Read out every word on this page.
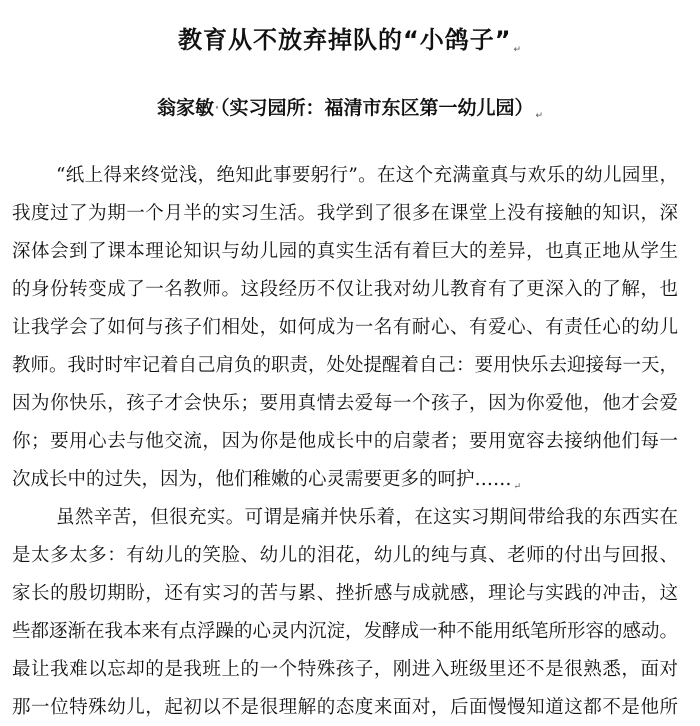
教育从不放弃掉队的“小鸽子” ↵
翁家敏·（实习园所：福清市东区第一幼儿园） $_↵$
“纸上得来终觉浅，绝知此事要躬行”。在这个充满童真与欢乐的幼儿园里，
我度过了为期一个月半的实习生活。我学到了很多在课堂上没有接触的知识，深
深体会到了课本理论知识与幼儿园的真实生活有着巨大的差异，也真正地从学生
的身份转变成了一名教师。这段经历不仅让我对幼儿教育有了更深入的了解，也
让我学会了如何与孩子们相处，如何成为一名有耐心、有爱心、有责任心的幼儿
教师。我时时牢记着自己肩负的职责，处处提醒着自己：要用快乐去迎接每一天，
因为你快乐，孩子才会快乐；要用真情去爱每一个孩子，因为你爱他，他才会爱
你；要用心去与他交流，因为你是他成长中的启蒙者；要用宽容去接纳他们每一
次成长中的过失，因为，他们稚嫩的心灵需要更多的呵护…… $_↵$
虽然辛苦，但很充实。可谓是痛并快乐着，在这实习期间带给我的东西实在
是太多太多：有幼儿的笑脸、幼儿的泪花，幼儿的纯与真、老师的付出与回报、
家长的殷切期盼，还有实习的苦与累、挫折感与成就感，理论与实践的冲击，这
些都逐渐在我本来有点浮躁的心灵内沉淀，发酵成一种不能用纸笔所形容的感动。
最让我难以忘却的是我班上的一个特殊孩子，刚进入班级里还不是很熟悉，面对
那一位特殊幼儿，起初以不是很理解的态度来面对，后面慢慢知道这都不是他所
